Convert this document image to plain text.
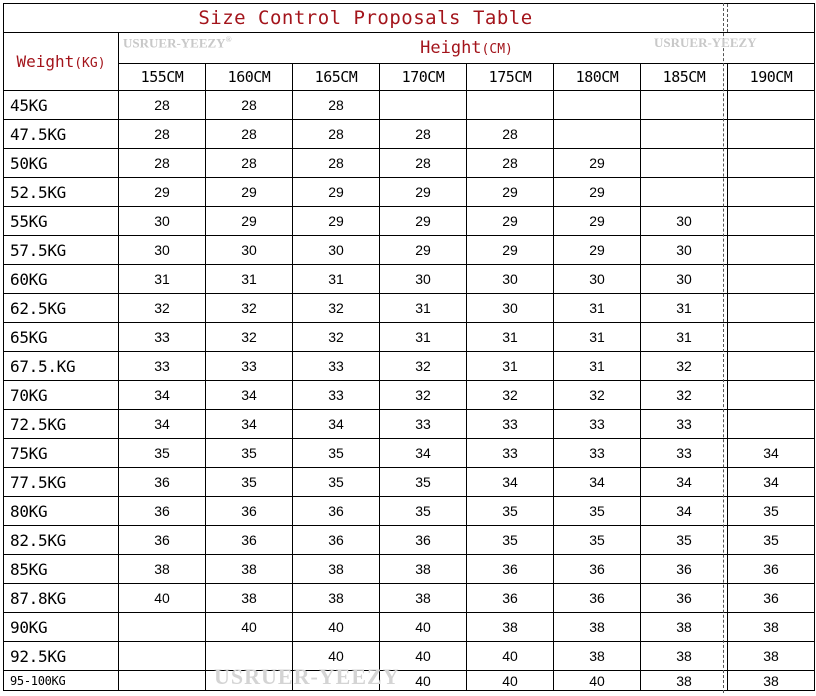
Size Control Proposals Table								
Weight(KG)	Height(CM)							
	155CM	160CM	165CM	170CM	175CM	180CM	185CM	190CM
45KG	28	28	28					
47.5KG	28	28	28	28	28			
50KG	28	28	28	28	28	29		
52.5KG	29	29	29	29	29	29		
55KG	30	29	29	29	29	29	30	
57.5KG	30	30	30	29	29	29	30	
60KG	31	31	31	30	30	30	30	
62.5KG	32	32	32	31	30	31	31	
65KG	33	32	32	31	31	31	31	
67.5.KG	33	33	33	32	31	31	32	
70KG	34	34	33	32	32	32	32	
72.5KG	34	34	34	33	33	33	33	
75KG	35	35	35	34	33	33	33	34
77.5KG	36	35	35	35	34	34	34	34
80KG	36	36	36	35	35	35	34	35
82.5KG	36	36	36	36	35	35	35	35
85KG	38	38	38	38	36	36	36	36
87.8KG	40	38	38	38	36	36	36	36
90KG		40	40	40	38	38	38	38
92.5KG			40	40	40	38	38	38
95-100KG				40	40	40	38	38
USRUER-YEEZY®	USRUER-YEEZY
USRUER-YEEZY
